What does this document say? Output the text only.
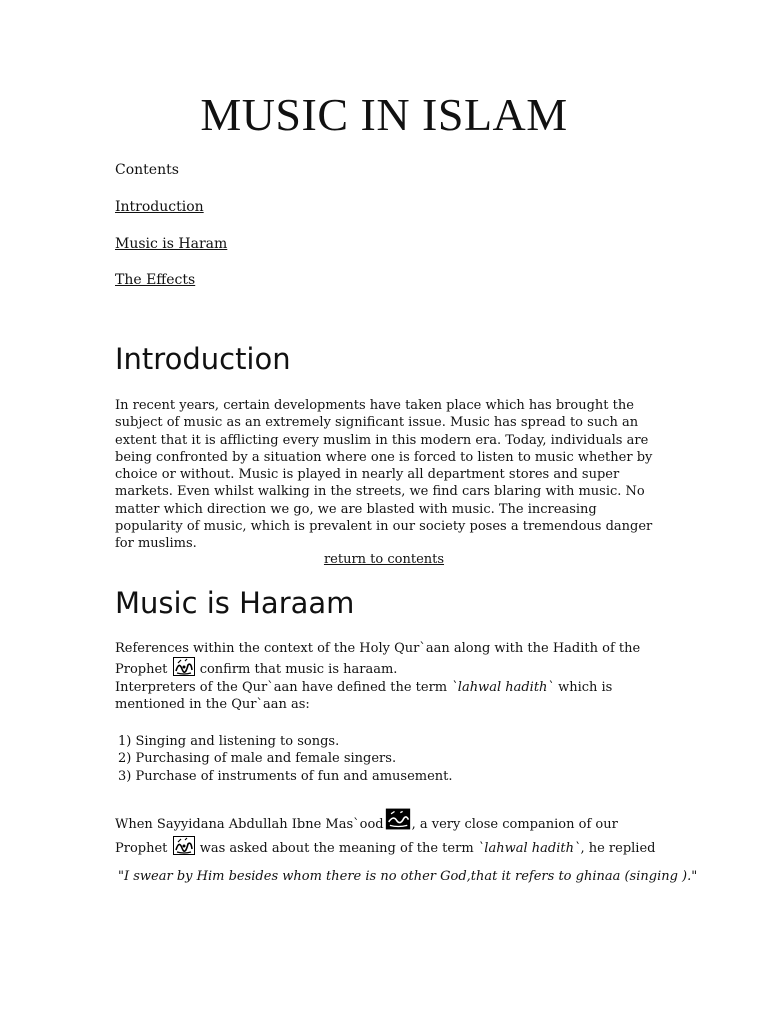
MUSIC IN ISLAM
Contents
Introduction
Music is Haram
The Effects
Introduction

In recent years, certain developments have taken place which has brought the subject of music as an extremely significant issue. Music has spread to such an extent that it is afflicting every muslim in this modern era. Today, individuals are being confronted by a situation where one is forced to listen to music whether by choice or without. Music is played in nearly all department stores and super markets. Even whilst walking in the streets, we find cars blaring with music. No matter which direction we go, we are blasted with music. The increasing popularity of music, which is prevalent in our society poses a tremendous danger for muslims.

return to contents
Music is Haraam

References within the context of the Holy Qur`aan along with the Hadith of the Prophet confirm that music is haraam.
Interpreters of the Qur`aan have defined the term `lahwal hadith` which is mentioned in the Qur`aan as:

1) Singing and listening to songs.
2) Purchasing of male and female singers.
3) Purchase of instruments of fun and amusement.

When Sayyidana Abdullah Ibne Mas`ood , a very close companion of our
Prophet was asked about the meaning of the term `lahwal hadith`, he replied

"I swear by Him besides whom there is no other God,that it refers to ghinaa (singing )."
